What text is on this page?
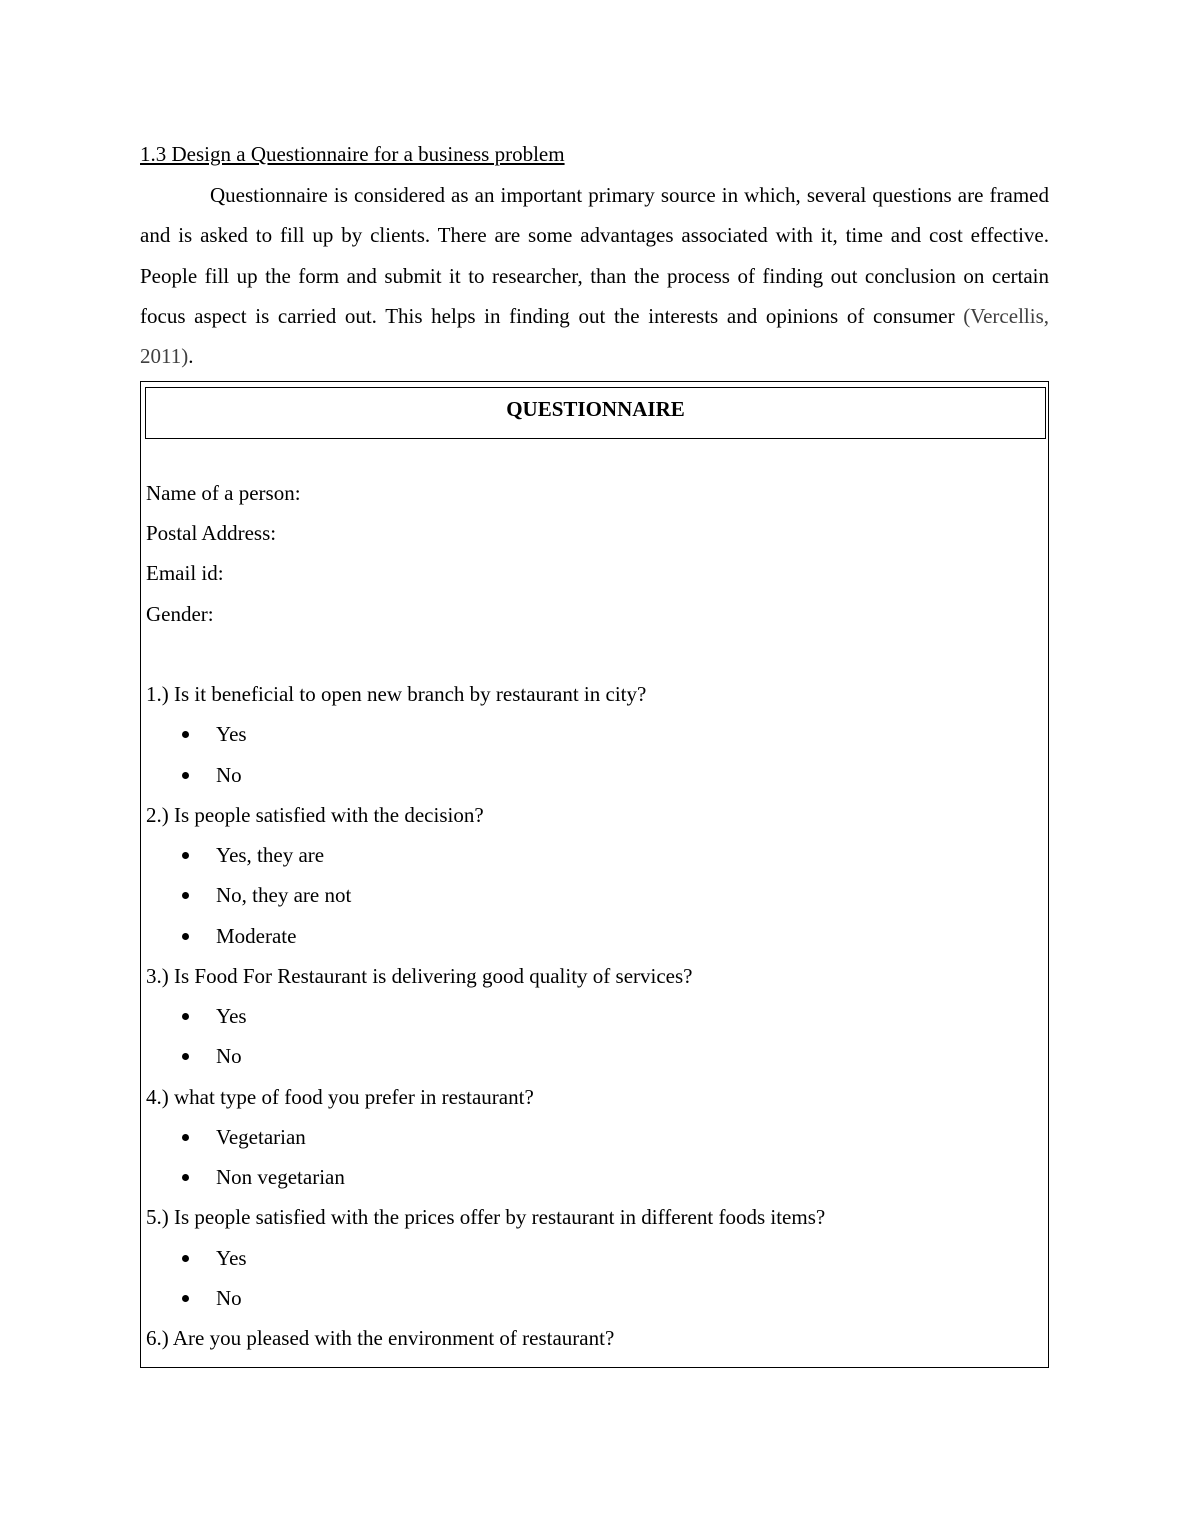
1.3 Design a Questionnaire for a business problem

Questionnaire is considered as an important primary source in which, several questions are framed and is asked to fill up by clients. There are some advantages associated with it, time and cost effective. People fill up the form and submit it to researcher, than the process of finding out conclusion on certain focus aspect is carried out. This helps in finding out the interests and opinions of consumer (Vercellis, 2011).

QUESTIONNAIRE
Name of a person:
Postal Address:
Email id:
Gender:
1.) Is it beneficial to open new branch by restaurant in city?
Yes
No
2.) Is people satisfied with the decision?
Yes, they are
No, they are not
Moderate
3.) Is Food For Restaurant is delivering good quality of services?
Yes
No
4.) what type of food you prefer in restaurant?
Vegetarian
Non vegetarian
5.) Is people satisfied with the prices offer by restaurant in different foods items?
Yes
No
6.) Are you pleased with the environment of restaurant?
